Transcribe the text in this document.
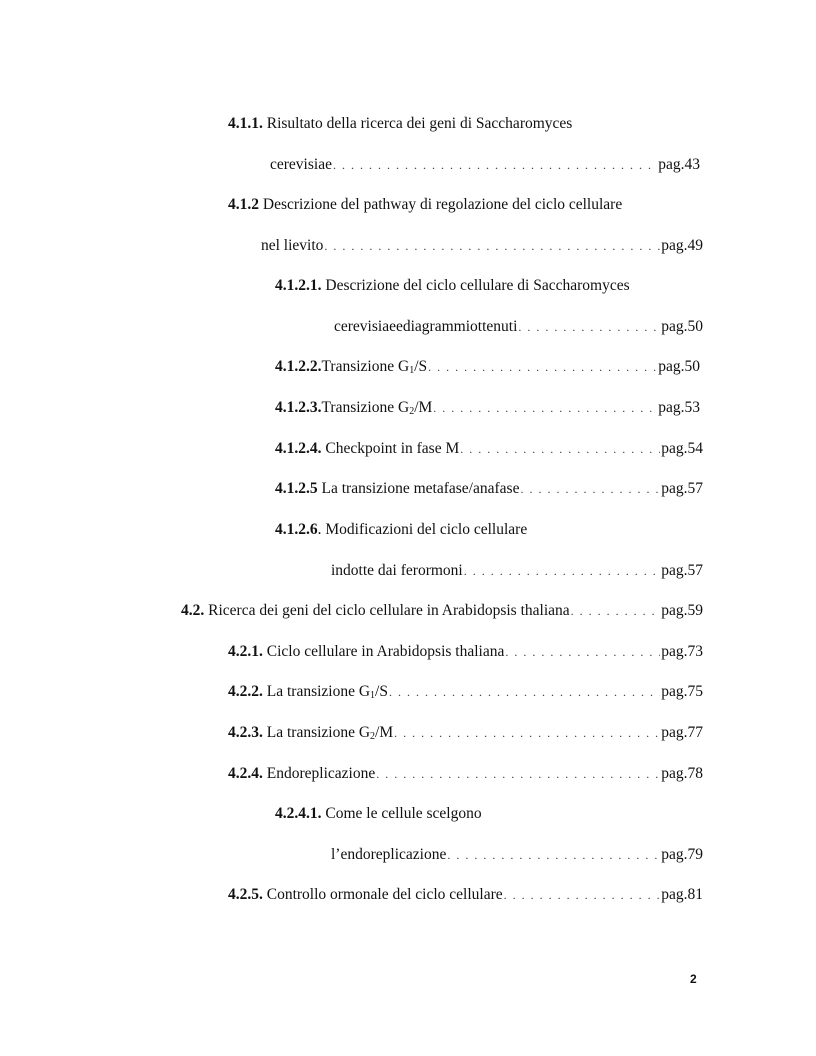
4.1.1. Risultato della ricerca dei geni di Saccharomyces
cerevisiae . . .	pag.43
4.1.2 Descrizione del pathway di regolazione del ciclo cellulare
nel lievito . . .	pag.49
4.1.2.1. Descrizione del ciclo cellulare di Saccharomyces
cerevisiae e diagrammi ottenuti . . .	pag.50
4.1.2.2.Transizione $G_1/S$ . . .	pag.50
4.1.2.3.Transizione $G_2/M$ . . .	pag.53
4.1.2.4. Checkpoint in fase M . . .	pag.54
4.1.2.5 La transizione metafase/anafase . . .	pag.57
4.1.2.6. Modificazioni del ciclo cellulare
indotte dai ferormoni . . .	pag.57
4.2. Ricerca dei geni del ciclo cellulare in Arabidopsis thaliana . . .	pag.59
4.2.1. Ciclo cellulare in Arabidopsis thaliana . . .	pag.73
4.2.2. La transizione $G_1/S$ . . .	pag.75
4.2.3. La transizione $G_2/M$ . . .	pag.77
4.2.4. Endoreplicazione . . .	pag.78
4.2.4.1. Come le cellule scelgono
l’endoreplicazione . . .	pag.79
4.2.5. Controllo ormonale del ciclo cellulare . . .	pag.81
2
